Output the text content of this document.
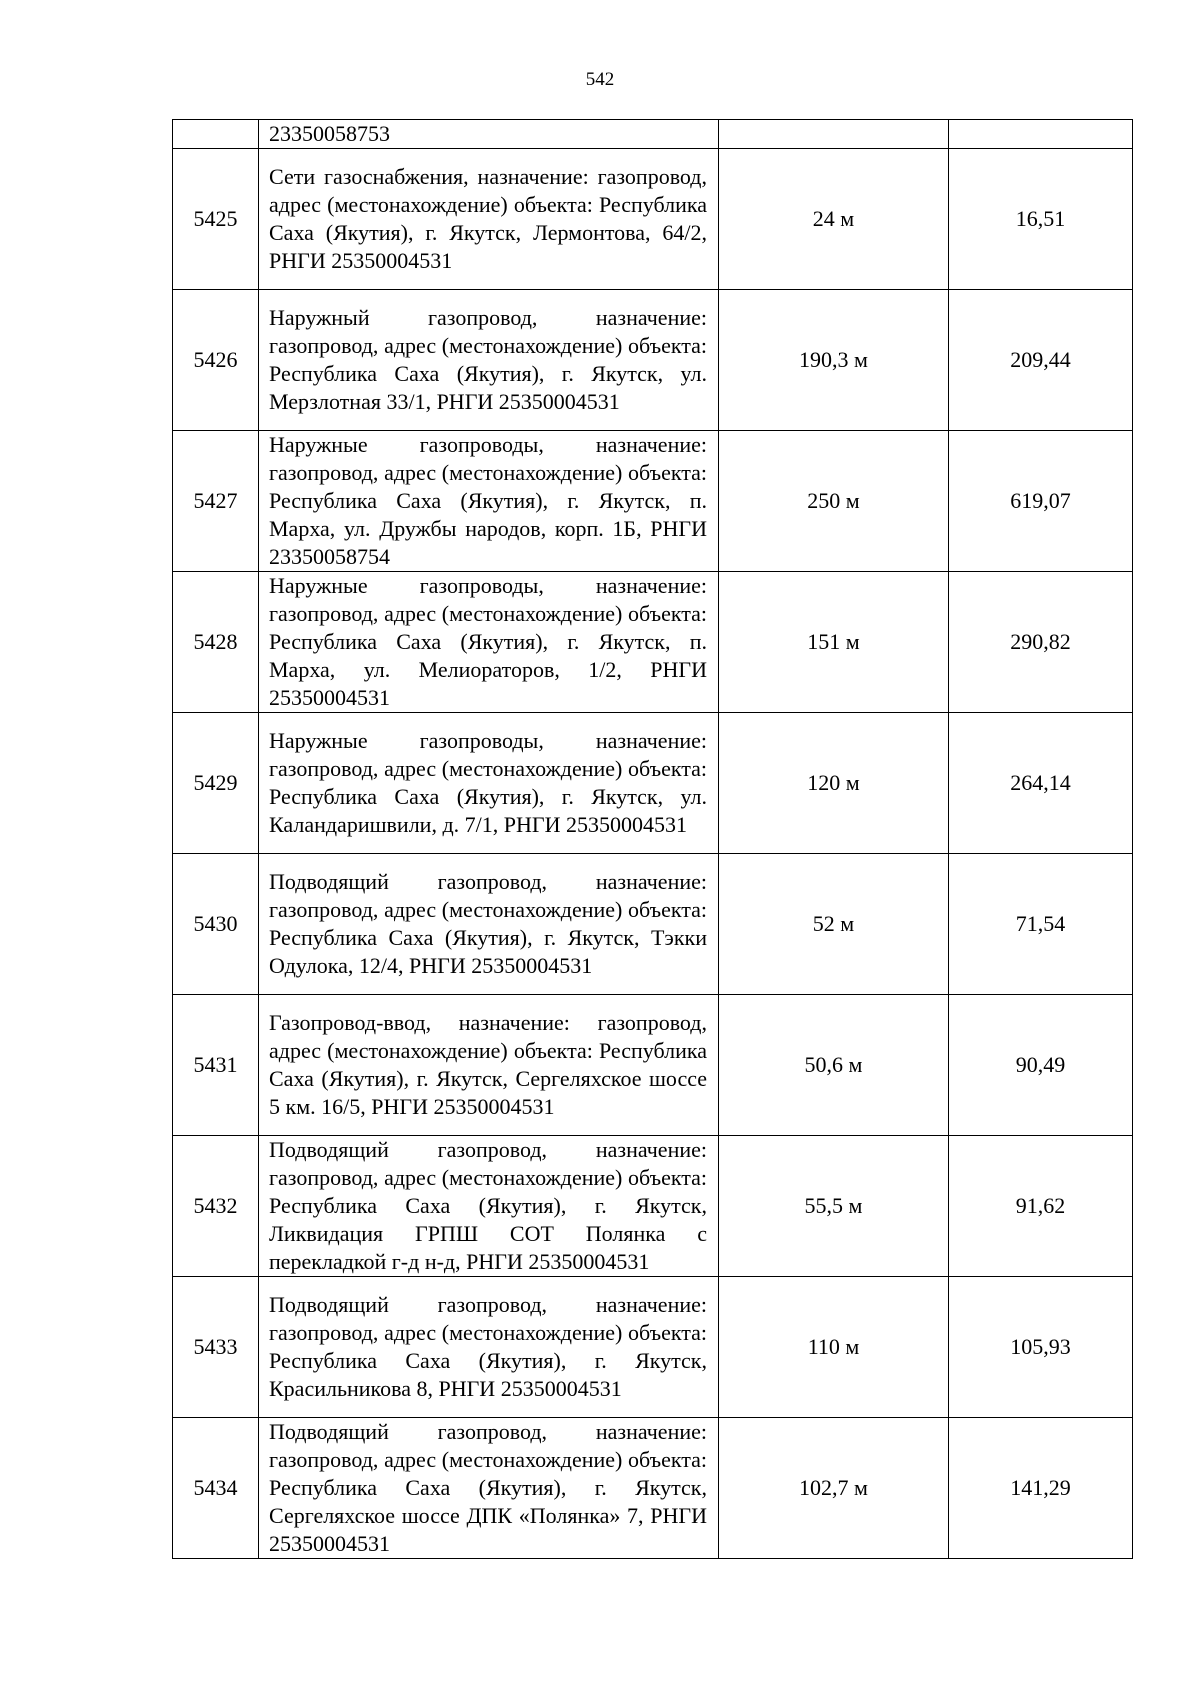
542

	23350058753		

5425	Сети газоснабжения, назначение: газопровод, адрес (местонахождение) объекта: Республика Саха (Якутия), г. Якутск, Лермонтова, 64/2, РНГИ 25350004531	24 м	16,51
5426	Наружный газопровод, назначение: газопровод, адрес (местонахождение) объекта: Республика Саха (Якутия), г. Якутск, ул. Мерзлотная 33/1, РНГИ 25350004531	190,3 м	209,44
5427	Наружные газопроводы, назначение: газопровод, адрес (местонахождение) объекта: Республика Саха (Якутия), г. Якутск, п. Марха, ул. Дружбы народов, корп. 1Б, РНГИ 23350058754	250 м	619,07
5428	Наружные газопроводы, назначение: газопровод, адрес (местонахождение) объекта: Республика Саха (Якутия), г. Якутск, п. Марха, ул. Мелиораторов, 1/2, РНГИ 25350004531	151 м	290,82
5429	Наружные газопроводы, назначение: газопровод, адрес (местонахождение) объекта: Республика Саха (Якутия), г. Якутск, ул. Каландаришвили, д. 7/1, РНГИ 25350004531	120 м	264,14
5430	Подводящий газопровод, назначение: газопровод, адрес (местонахождение) объекта: Республика Саха (Якутия), г. Якутск, Тэкки Одулока, 12/4, РНГИ 25350004531	52 м	71,54
5431	Газопровод-ввод, назначение: газопровод, адрес (местонахождение) объекта: Республика Саха (Якутия), г. Якутск, Сергеляхское шоссе 5 км. 16/5, РНГИ 25350004531	50,6 м	90,49
5432	Подводящий газопровод, назначение: газопровод, адрес (местонахождение) объекта: Республика Саха (Якутия), г. Якутск, Ликвидация ГРПШ СОТ Полянка с перекладкой г-д н-д, РНГИ 25350004531	55,5 м	91,62
5433	Подводящий газопровод, назначение: газопровод, адрес (местонахождение) объекта: Республика Саха (Якутия), г. Якутск, Красильникова 8, РНГИ 25350004531	110 м	105,93
5434	Подводящий газопровод, назначение: газопровод, адрес (местонахождение) объекта: Республика Саха (Якутия), г. Якутск, Сергеляхское шоссе ДПК «Полянка» 7, РНГИ 25350004531	102,7 м	141,29
